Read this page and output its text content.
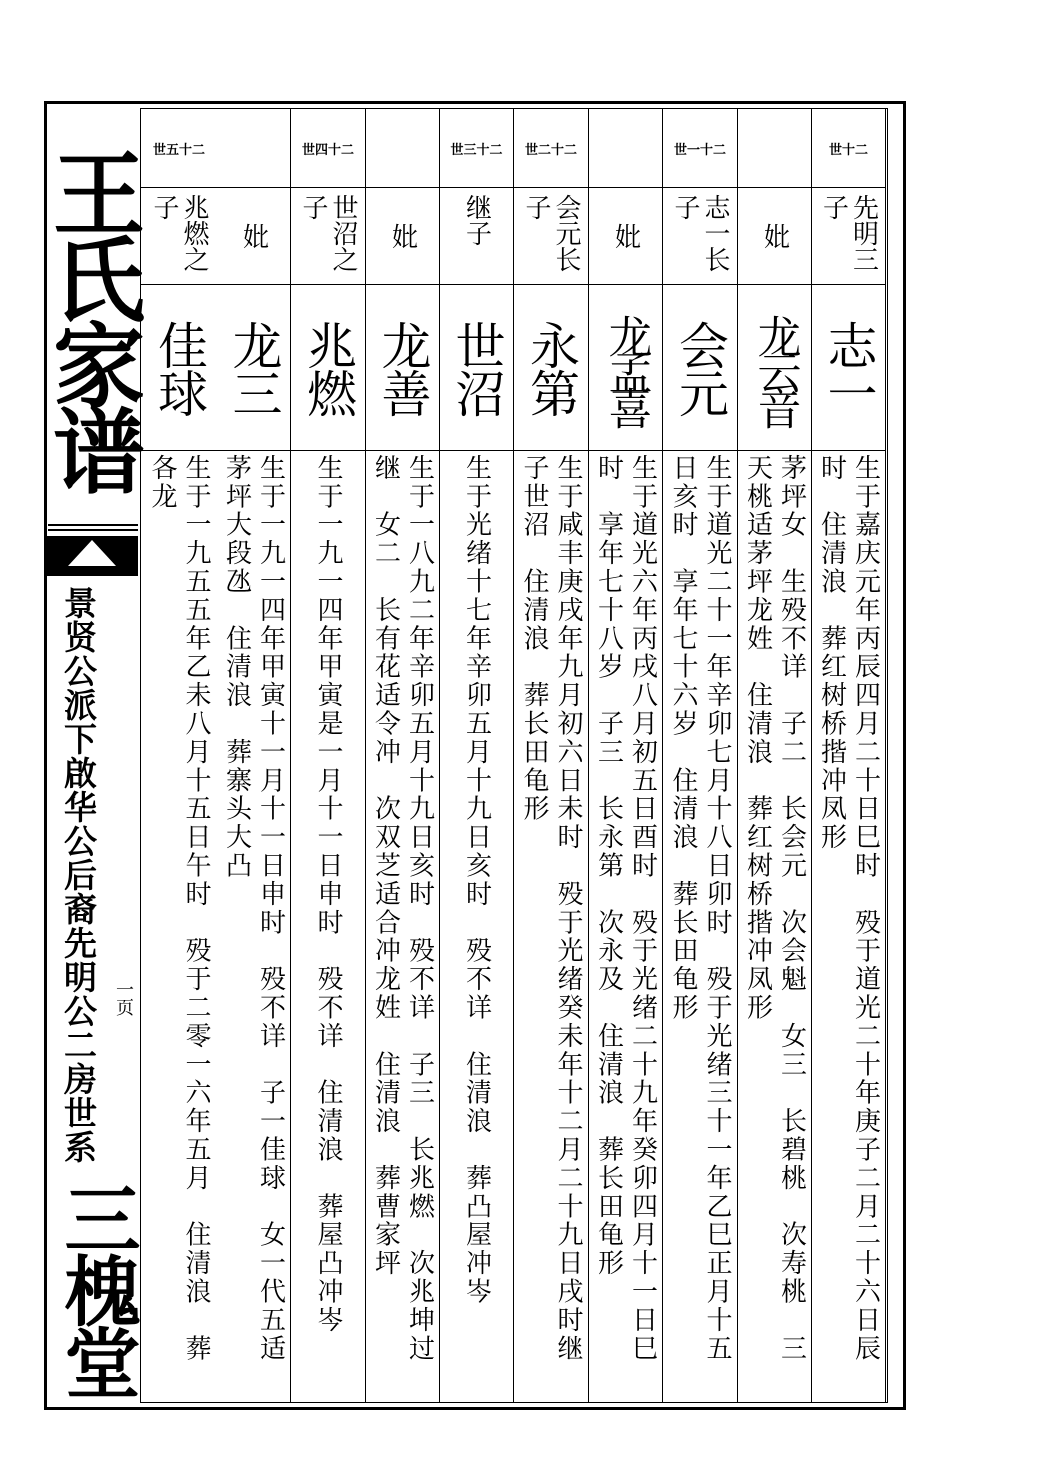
王氏家谱
景贤公派下啟华公后裔先明公二房世系 一页
三槐堂
世十二
先明三子
志一
生于嘉庆元年丙辰四月二十日巳时　殁于道光二十年庚子二月二十六日辰时　住清浪　葬红树桥揩冲凤形
妣
龙云音
茅坪女　生殁不详　子二　长会元　次会魁　女三　长碧桃　次寿桃　三天桃适茅坪龙姓　住清浪　葬红树桥揩冲凤形
世一十二
志一长子
会元
生于道光二十一年辛卯七月十八日卯时　殁于光绪三十一年乙巳正月十五日亥时　享年七十六岁　住清浪　葬长田龟形
妣
龙孟喜
生于道光六年丙戌八月初五日酉时　殁于光绪二十九年癸卯四月十一日巳时　享年七十八岁　子三　长永第　次永及　住清浪　葬长田龟形
世二十二
会元长子
永第
生于咸丰庚戌年九月初六日未时　殁于光绪癸未年十二月二十九日戌时继子世沼　住清浪　葬长田龟形
世三十二
继子
世沼
生于光绪十七年辛卯五月十九日亥时　殁不详　住清浪　葬凸屋冲岑
妣
龙善
生于一八九二年辛卯五月十九日亥时　殁不详　子三　长兆燃　次兆坤过继　女二　长有花适令冲　次双芝适合冲龙姓　住清浪　葬曹家坪
世四十二
世沼之子
兆燃
生于一九一四年甲寅是一月十一日申时　殁不详　住清浪　葬屋凸冲岑
妣
龙三
生于一九一四年甲寅十一月十一日申时　殁不详　子一佳球　女一代五适茅坪大段氹　住清浪　葬寨头大凸
世五十二
兆燃之子
佳球
生于一九五五年乙未八月十五日午时　殁于二零一六年五月　住清浪　葬各龙
